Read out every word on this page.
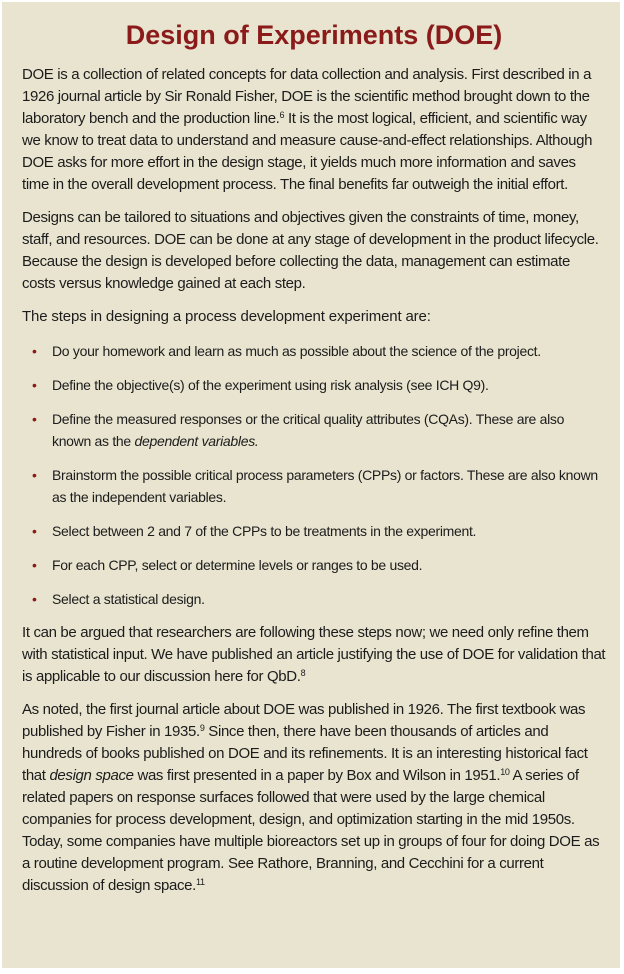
Design of Experiments (DOE)

DOE is a collection of related concepts for data collection and analysis. First described in a 1926 journal article by Sir Ronald Fisher, DOE is the scientific method brought down to the laboratory bench and the production line.$^6$ It is the most logical, efficient, and scientific way we know to treat data to understand and measure cause-and-effect relationships. Although DOE asks for more effort in the design stage, it yields much more information and saves time in the overall development process. The final benefits far outweigh the initial effort.

Designs can be tailored to situations and objectives given the constraints of time, money, staff, and resources. DOE can be done at any stage of development in the product lifecycle. Because the design is developed before collecting the data, management can estimate costs versus knowledge gained at each step.

The steps in designing a process development experiment are:

• Do your homework and learn as much as possible about the science of the project.
• Define the objective(s) of the experiment using risk analysis (see ICH Q9).
• Define the measured responses or the critical quality attributes (CQAs). These are also known as the dependent variables.
• Brainstorm the possible critical process parameters (CPPs) or factors. These are also known as the independent variables.
• Select between 2 and 7 of the CPPs to be treatments in the experiment.
• For each CPP, select or determine levels or ranges to be used.
• Select a statistical design.

It can be argued that researchers are following these steps now; we need only refine them with statistical input. We have published an article justifying the use of DOE for validation that is applicable to our discussion here for QbD.$^8$

As noted, the first journal article about DOE was published in 1926. The first textbook was published by Fisher in 1935.$^9$ Since then, there have been thousands of articles and hundreds of books published on DOE and its refinements. It is an interesting historical fact that design space was first presented in a paper by Box and Wilson in 1951.10 A series of related papers on response surfaces followed that were used by the large chemical companies for process development, design, and optimization starting in the mid 1950s. Today, some companies have multiple bioreactors set up in groups of four for doing DOE as a routine development program. See Rathore, Branning, and Cecchini for a current discussion of design space.$^{11}$
